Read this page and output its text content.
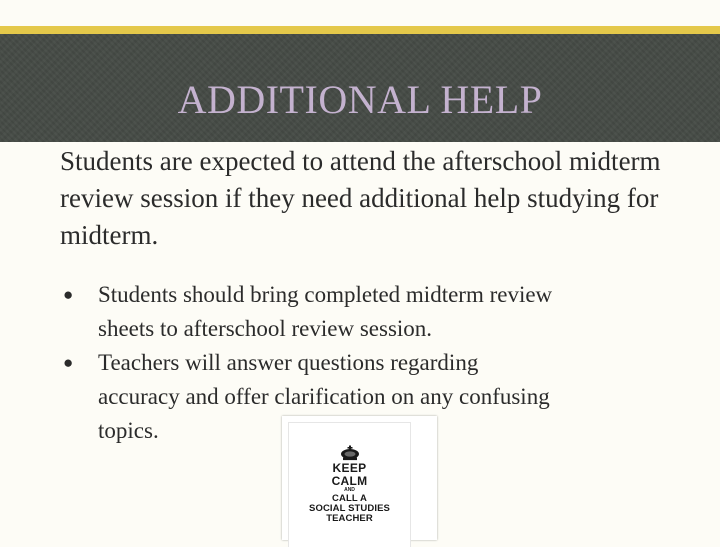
ADDITIONAL HELP

Students are expected to attend the afterschool midterm review session if they need additional help studying for midterm.

● Students should bring completed midterm review
sheets to afterschool review session.
● Teachers will answer questions regarding
accuracy and offer clarification on any confusing
topics.
KEEP
CALM
AND
CALL A
SOCIAL STUDIES
TEACHER
